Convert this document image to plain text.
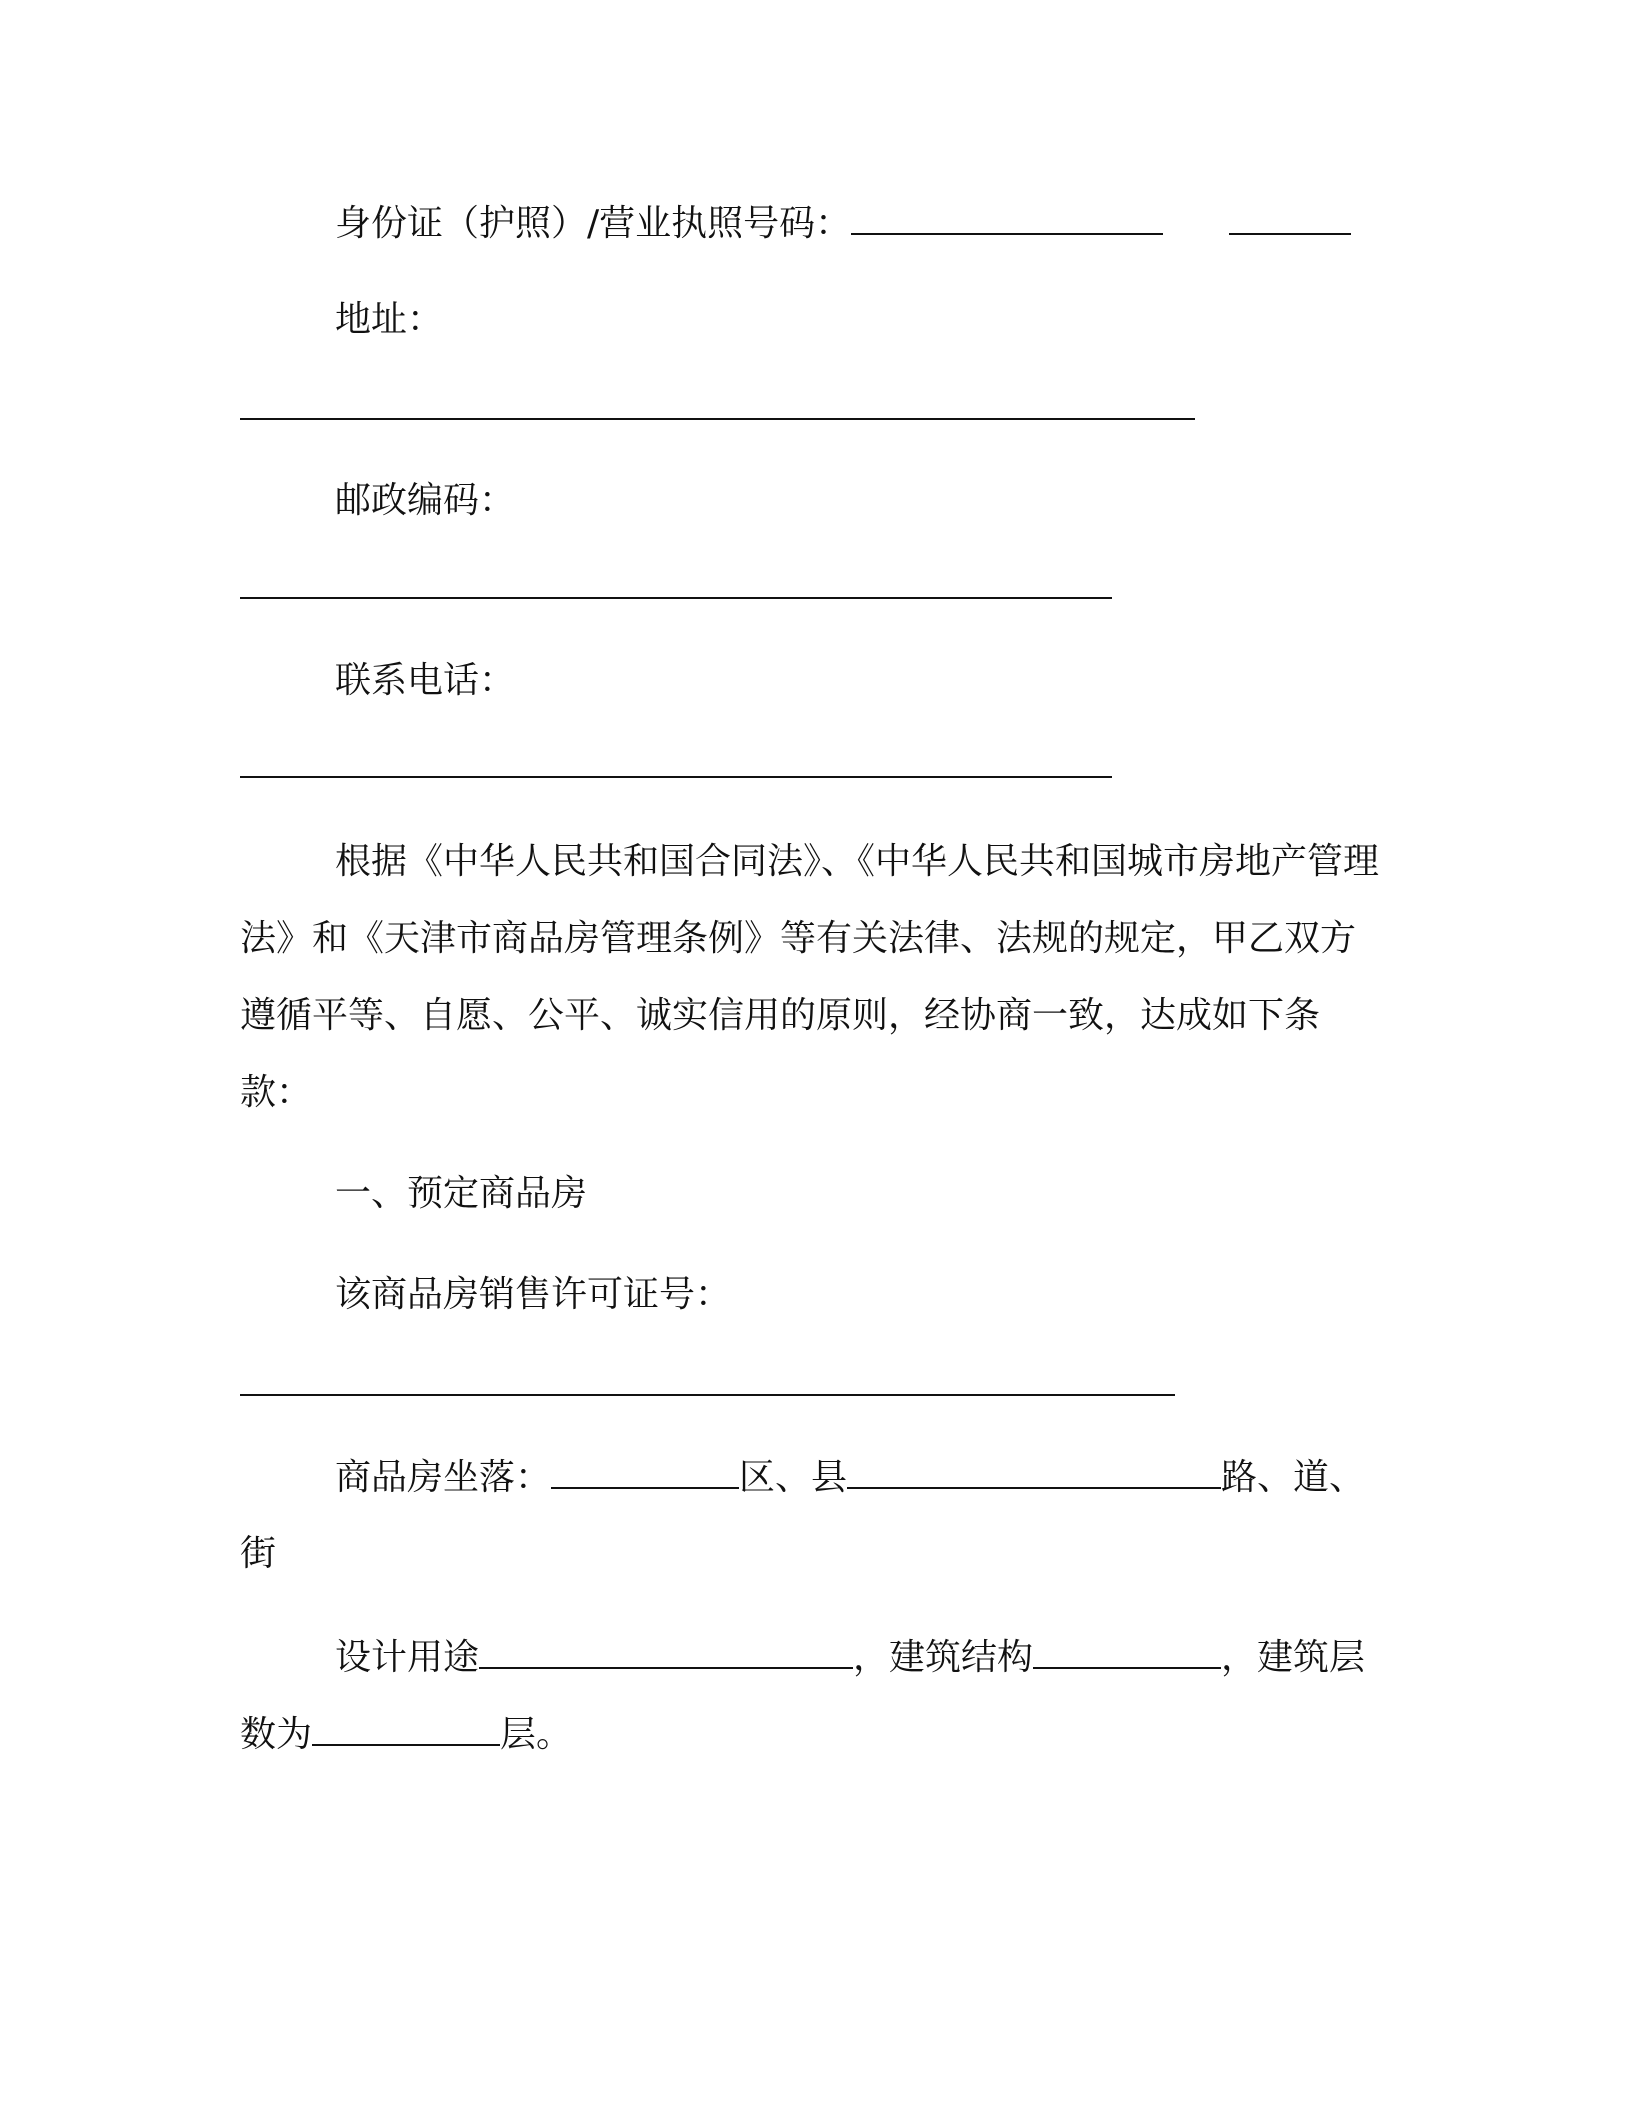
身份证（护照）/营业执照号码：
地址：
邮政编码：
联系电话：
根据《中华人民共和国合同法》、《中华人民共和国城市房地产管理法》和《天津市商品房管理条例》等有关法律、法规的规定，甲乙双方遵循平等、自愿、公平、诚实信用的原则，经协商一致，达成如下条款：
一、预定商品房
该商品房销售许可证号：
商品房坐落：	区、县	路、道、
街
设计用途	，建筑结构	，建筑层
数为	层。
